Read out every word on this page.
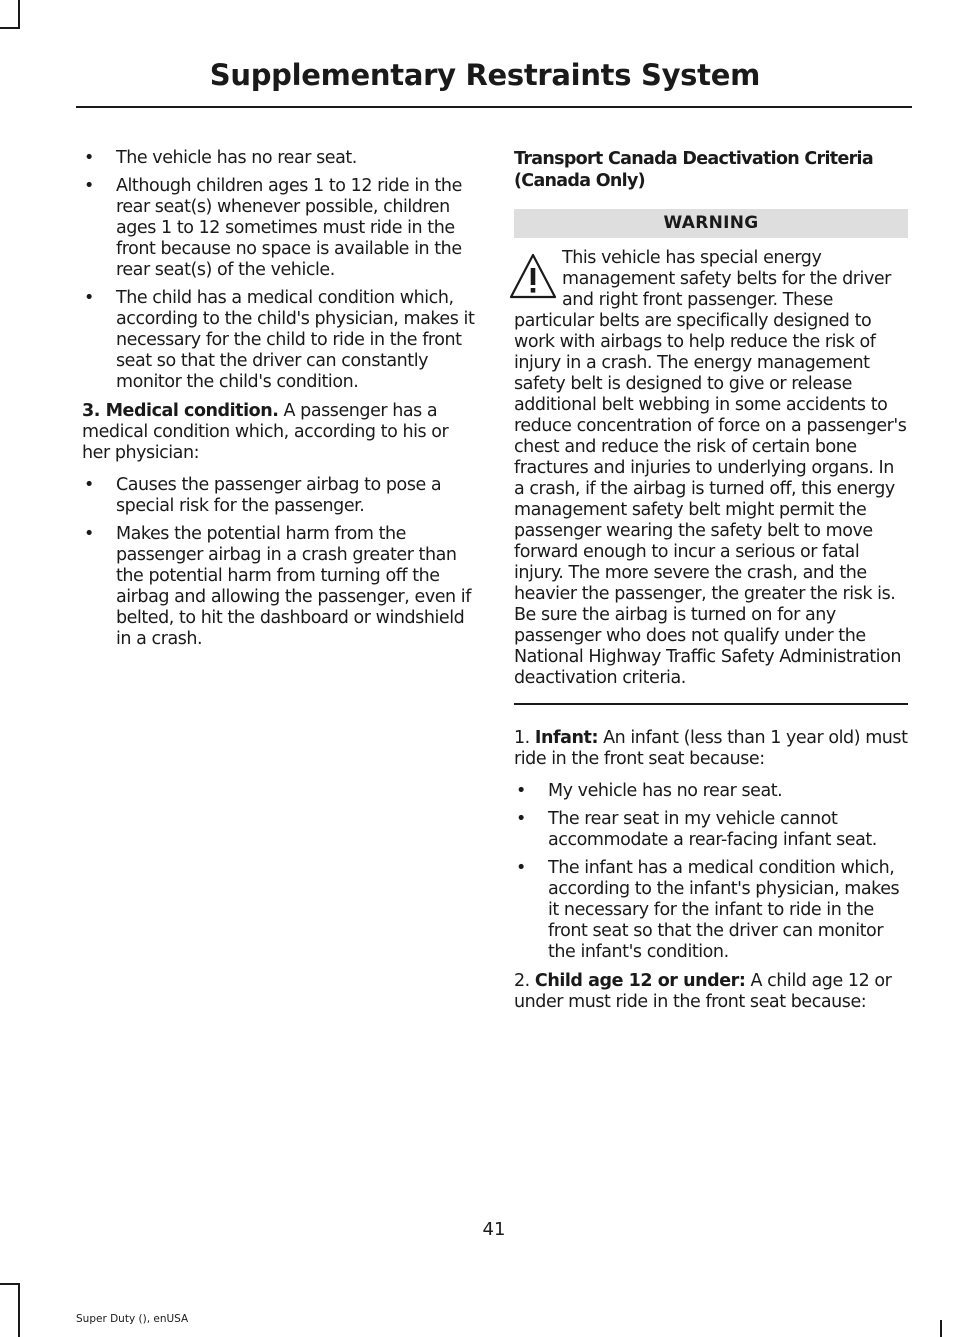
Supplementary Restraints System
• The vehicle has no rear seat.
• Although children ages 1 to 12 ride in the rear seat(s) whenever possible, children ages 1 to 12 sometimes must ride in the front because no space is available in the rear seat(s) of the vehicle.
• The child has a medical condition which, according to the child's physician, makes it necessary for the child to ride in the front seat so that the driver can constantly monitor the child's condition.

3. Medical condition. A passenger has a medical condition which, according to his or her physician:

• Causes the passenger airbag to pose a special risk for the passenger.
• Makes the potential harm from the passenger airbag in a crash greater than the potential harm from turning off the airbag and allowing the passenger, even if belted, to hit the dashboard or windshield in a crash.
Transport Canada Deactivation Criteria (Canada Only)
WARNING

This vehicle has special energy management safety belts for the driver and right front passenger. These particular belts are specifically designed to work with airbags to help reduce the risk of injury in a crash. The energy management safety belt is designed to give or release additional belt webbing in some accidents to reduce concentration of force on a passenger's chest and reduce the risk of certain bone fractures and injuries to underlying organs. In a crash, if the airbag is turned off, this energy management safety belt might permit the passenger wearing the safety belt to move forward enough to incur a serious or fatal injury. The more severe the crash, and the heavier the passenger, the greater the risk is. Be sure the airbag is turned on for any passenger who does not qualify under the National Highway Traffic Safety Administration deactivation criteria.

1. Infant: An infant (less than 1 year old) must ride in the front seat because:

• My vehicle has no rear seat.
• The rear seat in my vehicle cannot accommodate a rear-facing infant seat.
• The infant has a medical condition which, according to the infant's physician, makes it necessary for the infant to ride in the front seat so that the driver can monitor the infant's condition.

2. Child age 12 or under: A child age 12 or under must ride in the front seat because:

41
Super Duty (), enUSA
